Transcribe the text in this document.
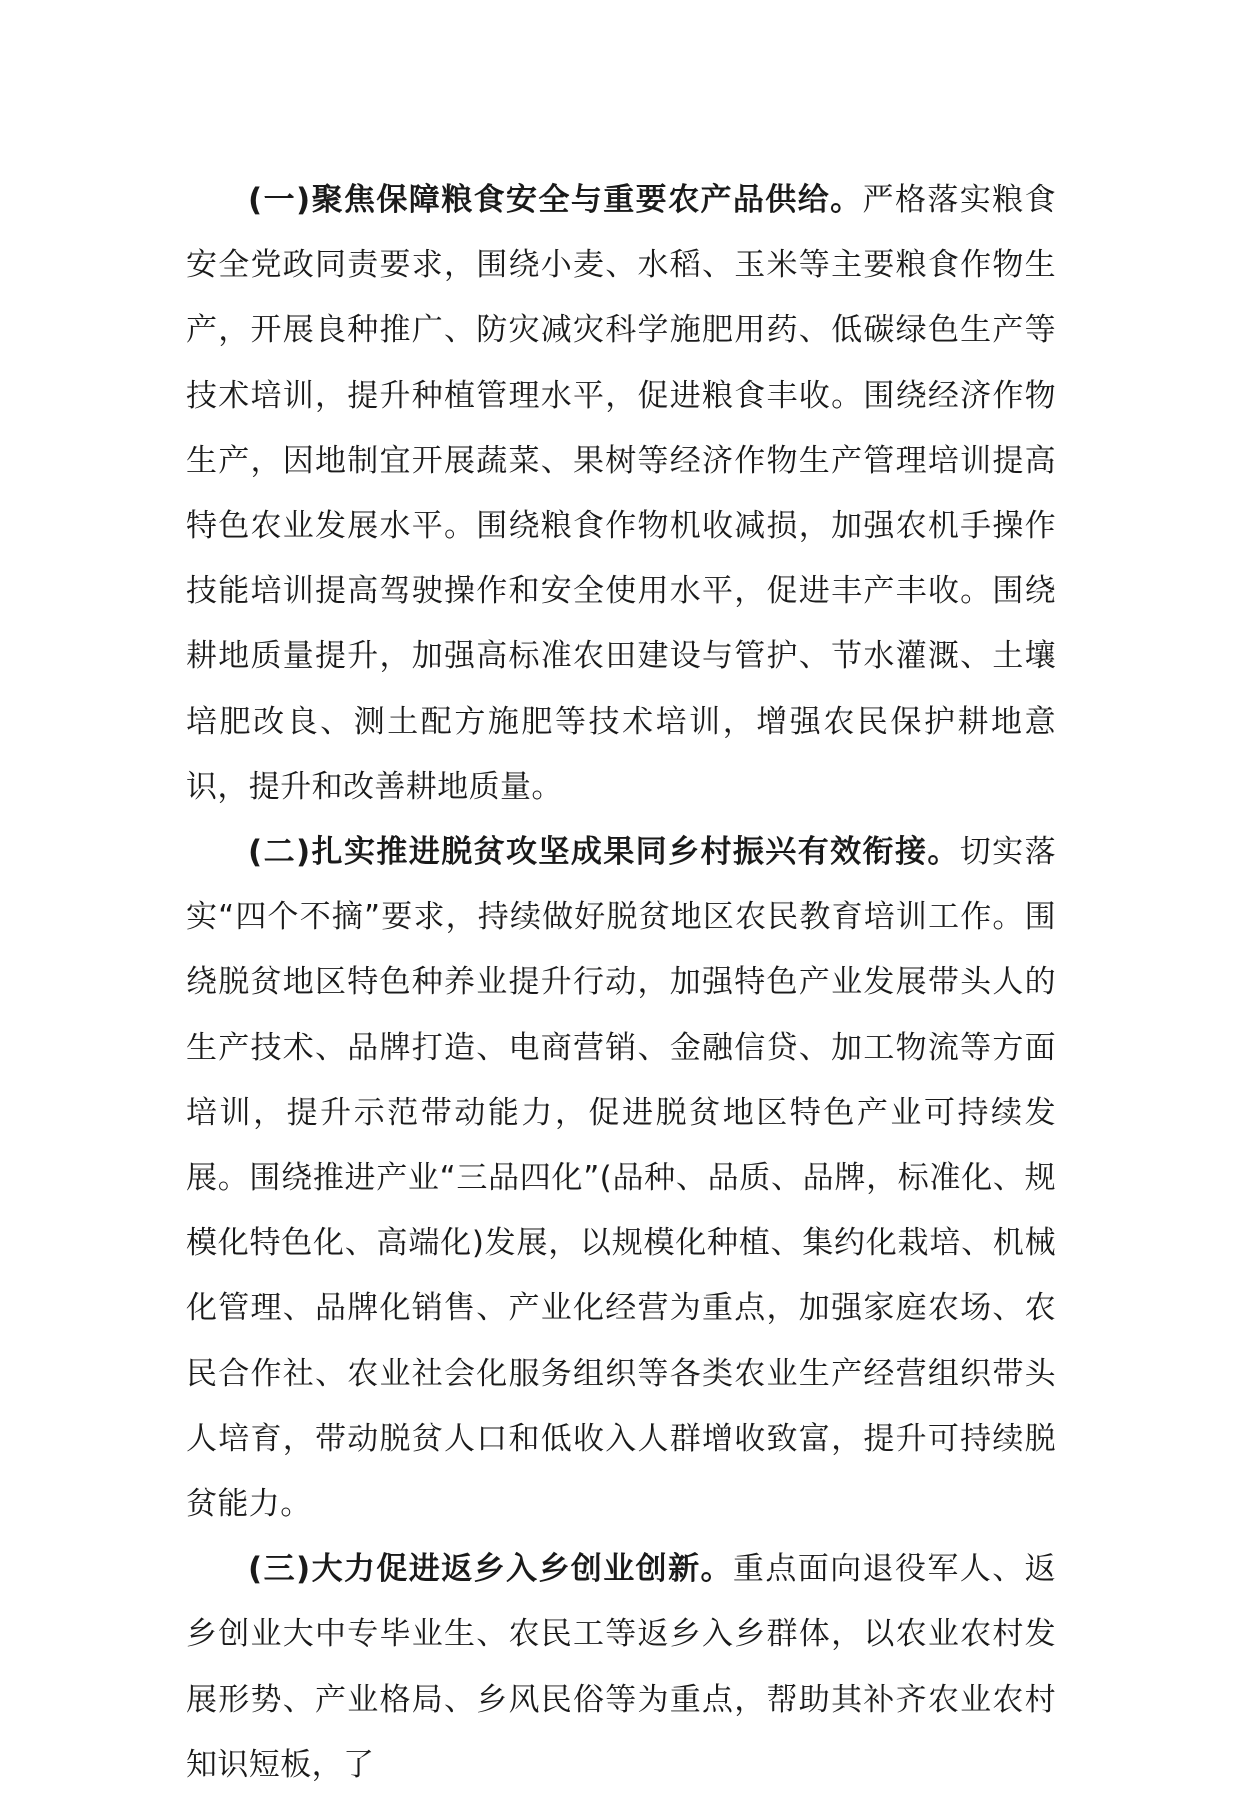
(一)聚焦保障粮食安全与重要农产品供给。严格落实粮食安全党政同责要求，围绕小麦、水稻、玉米等主要粮食作物生产，开展良种推广、防灾减灾科学施肥用药、低碳绿色生产等技术培训，提升种植管理水平，促进粮食丰收。围绕经济作物生产，因地制宜开展蔬菜、果树等经济作物生产管理培训提高特色农业发展水平。围绕粮食作物机收减损，加强农机手操作技能培训提高驾驶操作和安全使用水平，促进丰产丰收。围绕耕地质量提升，加强高标准农田建设与管护、节水灌溉、土壤培肥改良、测土配方施肥等技术培训，增强农民保护耕地意识，提升和改善耕地质量。

(二)扎实推进脱贫攻坚成果同乡村振兴有效衔接。切实落实“四个不摘”要求，持续做好脱贫地区农民教育培训工作。围绕脱贫地区特色种养业提升行动，加强特色产业发展带头人的生产技术、品牌打造、电商营销、金融信贷、加工物流等方面培训，提升示范带动能力，促进脱贫地区特色产业可持续发展。围绕推进产业“三品四化”(品种、品质、品牌，标准化、规模化特色化、高端化)发展，以规模化种植、集约化栽培、机械化管理、品牌化销售、产业化经营为重点，加强家庭农场、农民合作社、农业社会化服务组织等各类农业生产经营组织带头人培育，带动脱贫人口和低收入人群增收致富，提升可持续脱贫能力。

(三)大力促进返乡入乡创业创新。重点面向退役军人、返乡创业大中专毕业生、农民工等返乡入乡群体，以农业农村发展形势、产业格局、乡风民俗等为重点，帮助其补齐农业农村知识短板，了
